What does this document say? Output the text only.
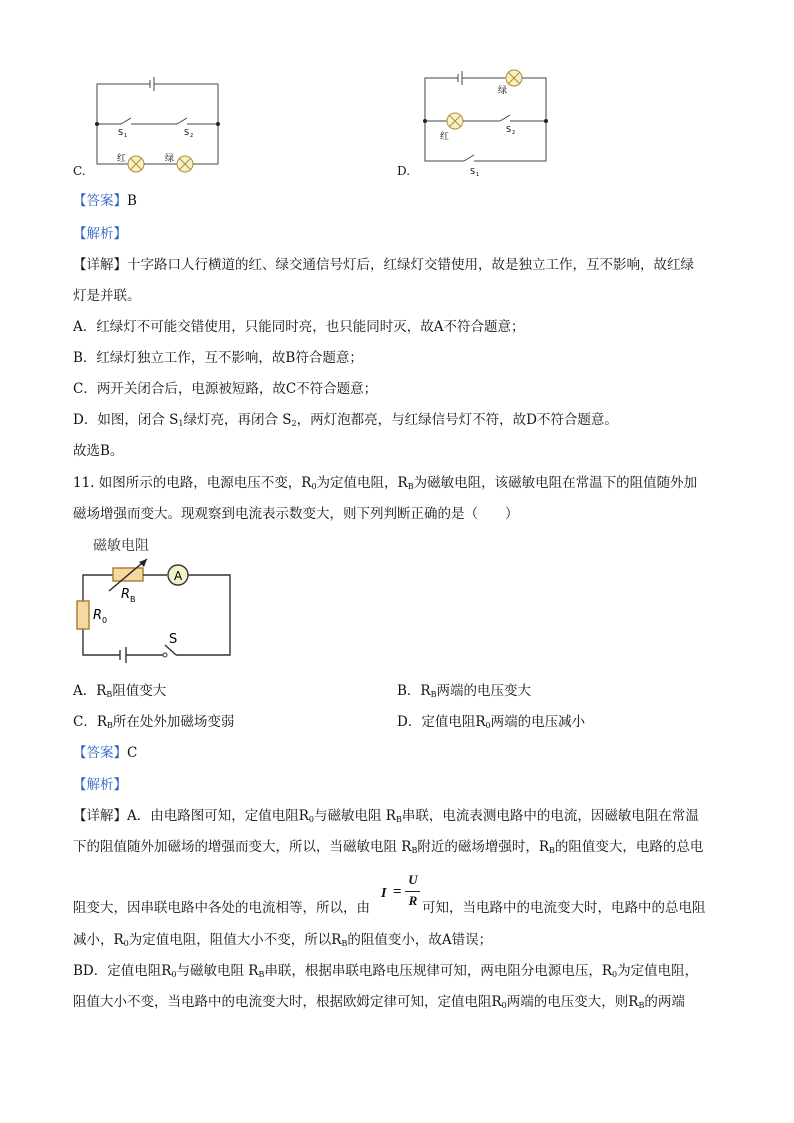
S 1	S 2
红	绿
C.
绿
红
S 2
S 1
D.
【答案】B
【解析】
【详解】十字路口人行横道的红、绿交通信号灯后，红绿灯交错使用，故是独立工作，互不影响，故红绿
灯是并联。
A．红绿灯不可能交错使用，只能同时亮，也只能同时灭，故A不符合题意；
B．红绿灯独立工作，互不影响，故B符合题意；
C．两开关闭合后，电源被短路，故C不符合题意；
D．如图，闭合 $S_1$绿灯亮，再闭合 $S_2$，两灯泡都亮，与红绿信号灯不符，故D不符合题意。
故选B。
11. 如图所示的电路，电源电压不变，$R_0$为定值电阻，$R_B$为磁敏电阻，该磁敏电阻在常温下的阻值随外加
磁场增强而变大。现观察到电流表示数变大，则下列判断正确的是（　　）
磁敏电阻
A
R B
R 0
S
A．$R_B$阻值变大	B．$R_B$两端的电压变大
C．$R_B$所在处外加磁场变弱	D．定值电阻$R_0$两端的电压减小
【答案】C
【解析】
【详解】A．由电路图可知，定值电阻$R_0$与磁敏电阻 $R_B$串联，电流表测电路中的电流，因磁敏电阻在常温
下的阻值随外加磁场的增强而变大，所以，当磁敏电阻 $R_B$附近的磁场增强时，$R_B$的阻值变大，电路的总电
I =
U
R
阻变大，因串联电路中各处的电流相等，所以，由	可知，当电路中的电流变大时，电路中的总电阻
减小，$R_0$为定值电阻，阻值大小不变，所以$R_B$的阻值变小，故A错误；
BD．定值电阻$R_0$与磁敏电阻 $R_B$串联，根据串联电路电压规律可知，两电阻分电源电压，$R_0$为定值电阻，
阻值大小不变，当电路中的电流变大时，根据欧姆定律可知，定值电阻$R_0$两端的电压变大，则$R_B$的两端
